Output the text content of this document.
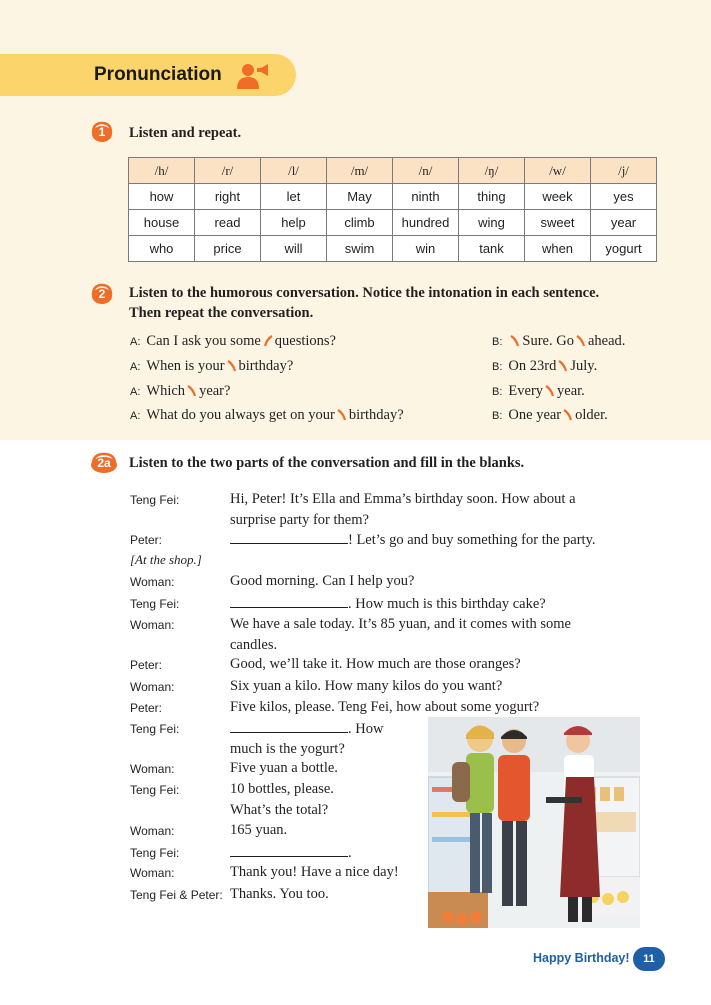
Pronunciation
1	Listen and repeat.
/h/	/r/	/l/	/m/	/n/	/ŋ/	/w/	/j/
how	right	let	May	ninth	thing	week	yes
house	read	help	climb	hundred	wing	sweet	year
who	price	will	swim	win	tank	when	yogurt
2	Listen to the humorous conversation. Notice the intonation in each sentence.
Then repeat the conversation.
A: Can I ask you some questions?	B: Sure. Go ahead.
A: When is your birthday?	B: On 23rd July.
A: Which year?	B: Every year.
A: What do you always get on your birthday?	B: One year older.
2a	Listen to the two parts of the conversation and fill in the blanks.
Teng Fei:	Hi, Peter! It’s Ella and Emma’s birthday soon. How about a
surprise party for them?
Peter:	! Let’s go and buy something for the party.
[At the shop.]
Woman:	Good morning. Can I help you?
Teng Fei:	. How much is this birthday cake?
Woman:	We have a sale today. It’s 85 yuan, and it comes with some
candles.
Peter:	Good, we’ll take it. How much are those oranges?
Woman:	Six yuan a kilo. How many kilos do you want?
Peter:	Five kilos, please. Teng Fei, how about some yogurt?
Teng Fei:	. How
much is the yogurt?
Woman:	Five yuan a bottle.
Teng Fei:	10 bottles, please.
What’s the total?
Woman:	165 yuan.
Teng Fei:	.
Woman:	Thank you! Have a nice day!
Teng Fei & Peter: Thanks. You too.
Happy Birthday!	11
